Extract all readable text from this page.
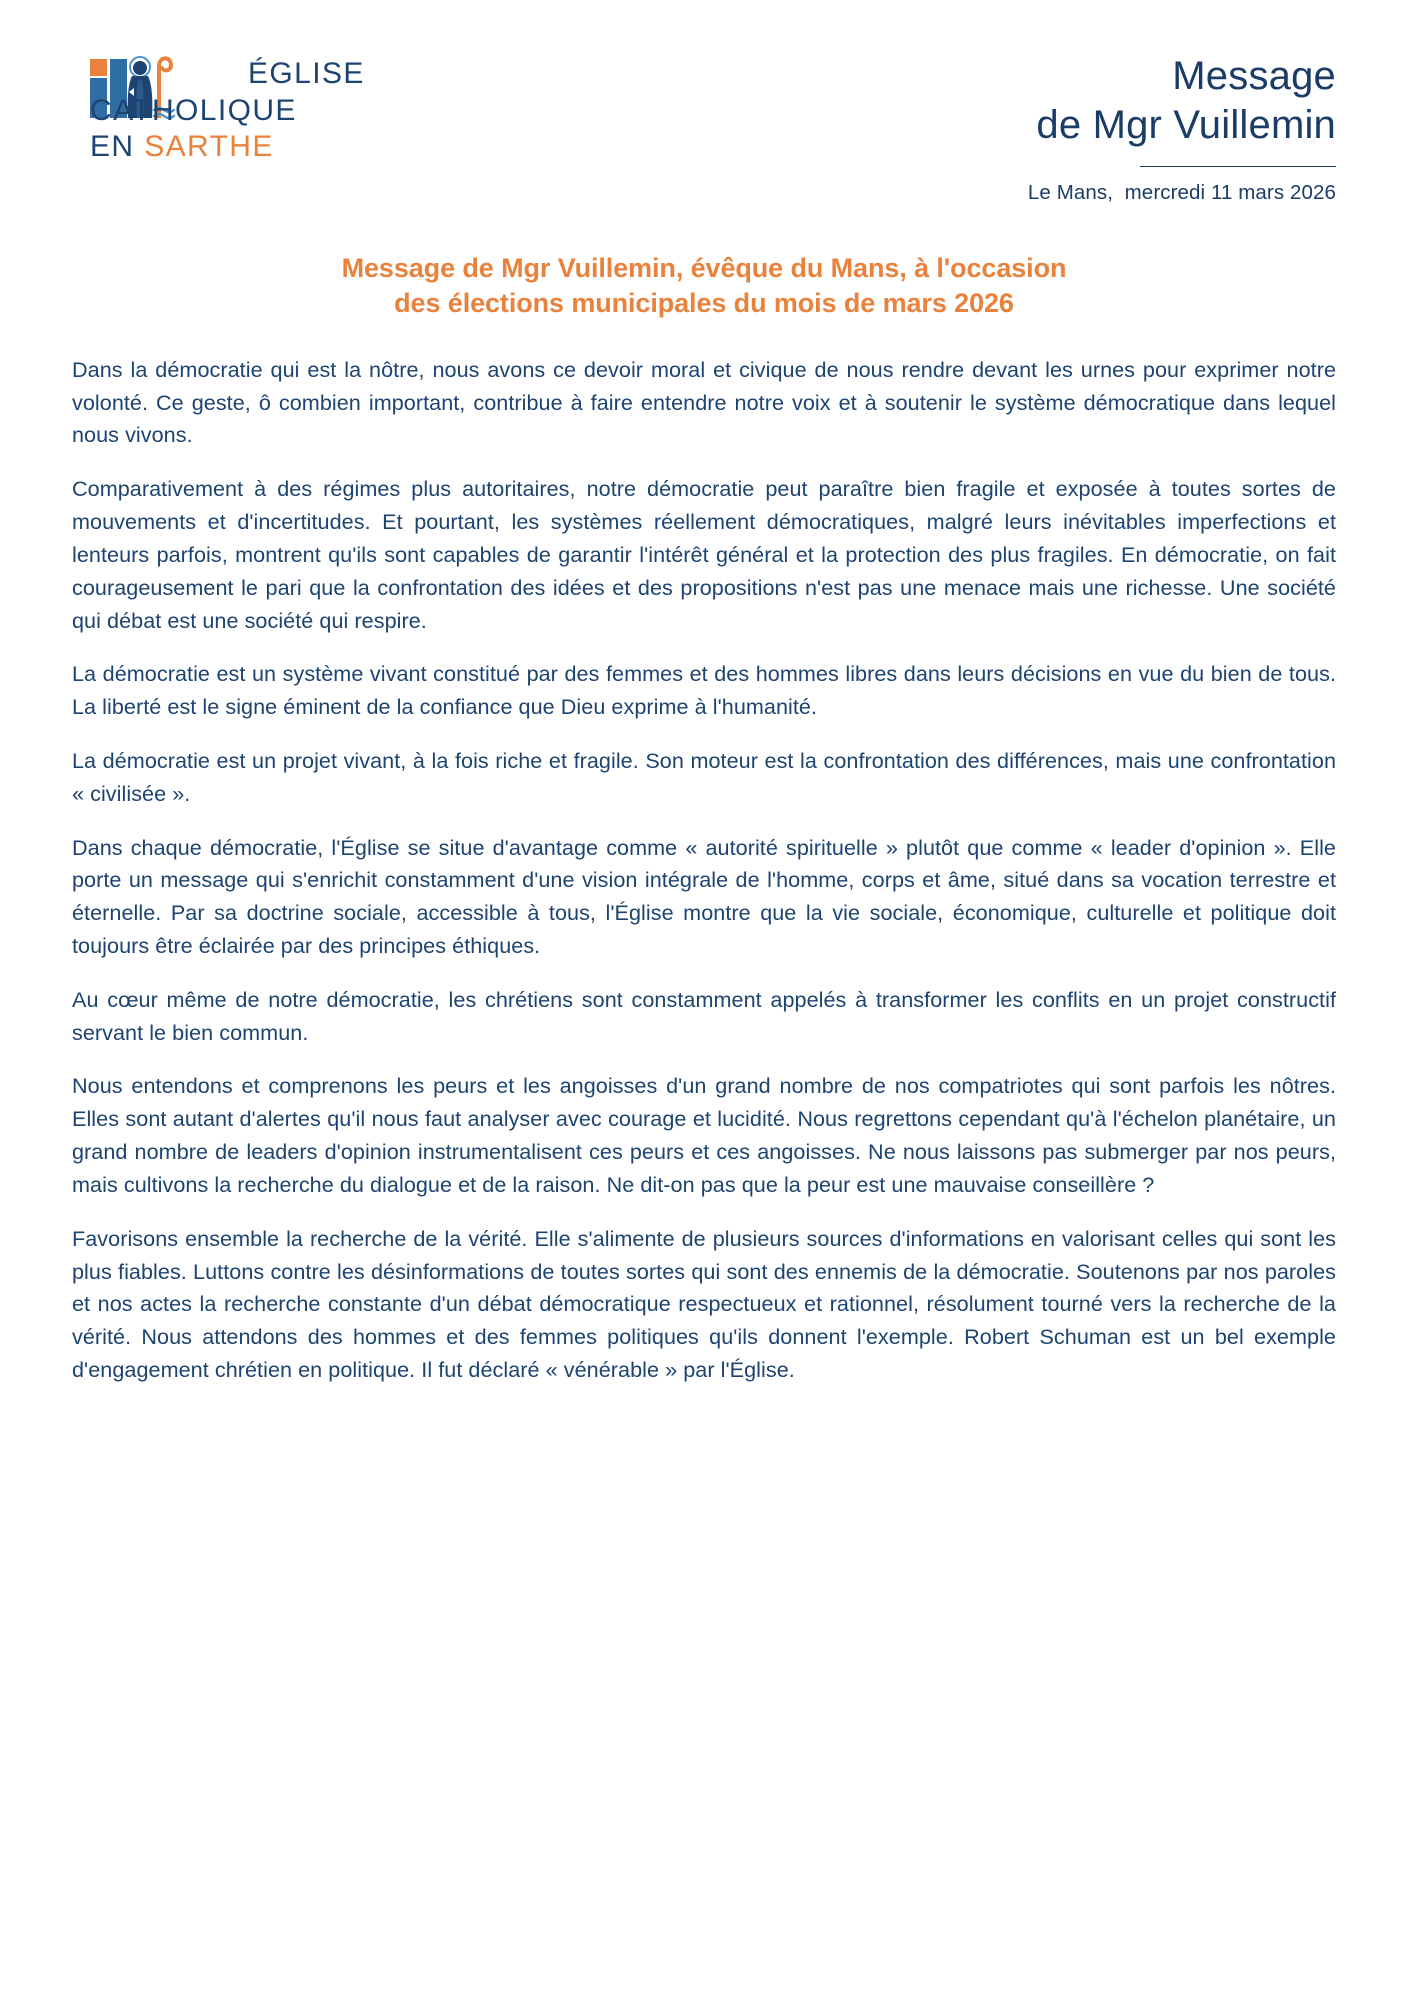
ÉGLISE
CATHOLIQUE
EN SARTHE
Message
de Mgr Vuillemin
Le Mans,  mercredi 11 mars 2026
Message de Mgr Vuillemin, évêque du Mans, à l'occasion
des élections municipales du mois de mars 2026

Dans la démocratie qui est la nôtre, nous avons ce devoir moral et civique de nous rendre devant les urnes pour exprimer notre volonté. Ce geste, ô combien important, contribue à faire entendre notre voix et à soutenir le système démocratique dans lequel nous vivons.

Comparativement à des régimes plus autoritaires, notre démocratie peut paraître bien fragile et exposée à toutes sortes de mouvements et d'incertitudes. Et pourtant, les systèmes réellement démocratiques, malgré leurs inévitables imperfections et lenteurs parfois, montrent qu'ils sont capables de garantir l'intérêt général et la protection des plus fragiles. En démocratie, on fait courageusement le pari que la confrontation des idées et des propositions n'est pas une menace mais une richesse. Une société qui débat est une société qui respire.

La démocratie est un système vivant constitué par des femmes et des hommes libres dans leurs décisions en vue du bien de tous. La liberté est le signe éminent de la confiance que Dieu exprime à l'humanité.

La démocratie est un projet vivant, à la fois riche et fragile. Son moteur est la confrontation des différences, mais une confrontation « civilisée ».

Dans chaque démocratie, l'Église se situe d'avantage comme « autorité spirituelle » plutôt que comme « leader d'opinion ». Elle porte un message qui s'enrichit constamment d'une vision intégrale de l'homme, corps et âme, situé dans sa vocation terrestre et éternelle. Par sa doctrine sociale, accessible à tous, l'Église montre que la vie sociale, économique, culturelle et politique doit toujours être éclairée par des principes éthiques.

Au cœur même de notre démocratie, les chrétiens sont constamment appelés à transformer les conflits en un projet constructif servant le bien commun.

Nous entendons et comprenons les peurs et les angoisses d'un grand nombre de nos compatriotes qui sont parfois les nôtres. Elles sont autant d'alertes qu'il nous faut analyser avec courage et lucidité. Nous regrettons cependant qu'à l'échelon planétaire, un grand nombre de leaders d'opinion instrumentalisent ces peurs et ces angoisses. Ne nous laissons pas submerger par nos peurs, mais cultivons la recherche du dialogue et de la raison. Ne dit-on pas que la peur est une mauvaise conseillère ?

Favorisons ensemble la recherche de la vérité. Elle s'alimente de plusieurs sources d'informations en valorisant celles qui sont les plus fiables. Luttons contre les désinformations de toutes sortes qui sont des ennemis de la démocratie. Soutenons par nos paroles et nos actes la recherche constante d'un débat démocratique respectueux et rationnel, résolument tourné vers la recherche de la vérité. Nous attendons des hommes et des femmes politiques qu'ils donnent l'exemple. Robert Schuman est un bel exemple d'engagement chrétien en politique. Il fut déclaré « vénérable » par l'Église.
